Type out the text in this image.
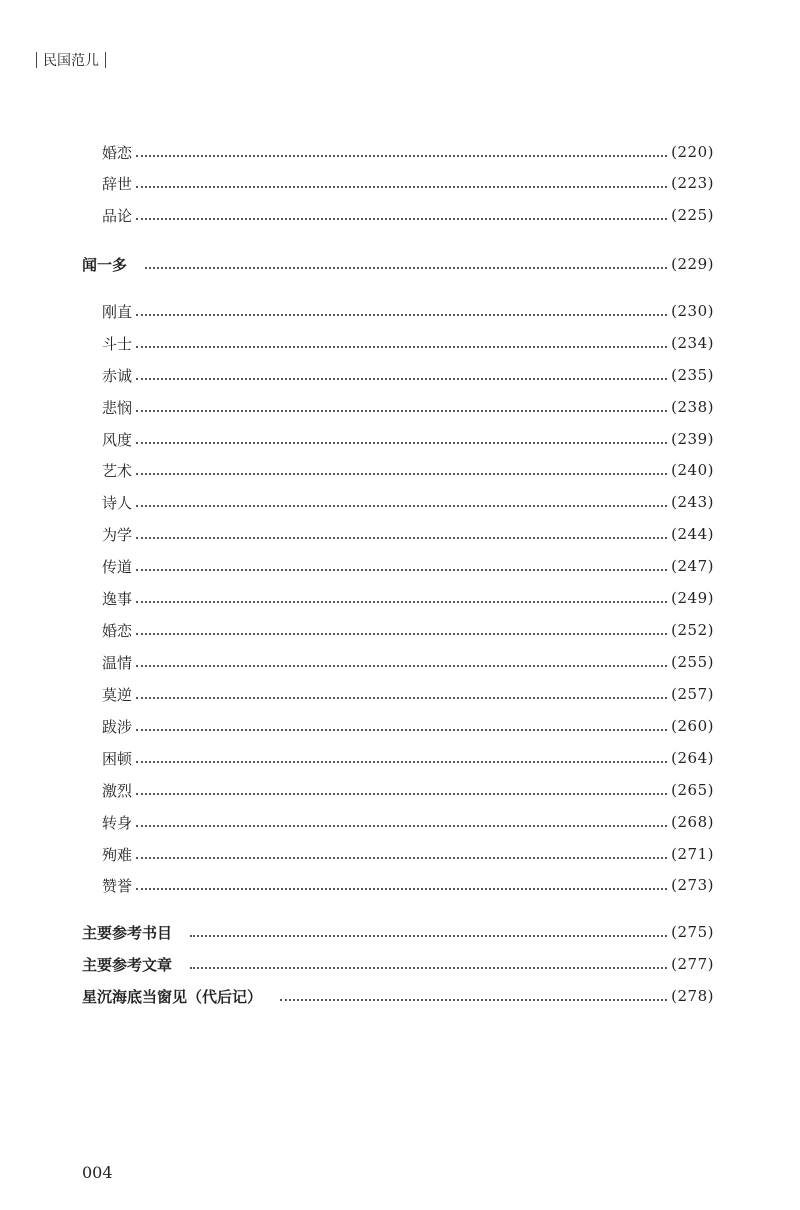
民国范儿
婚恋	(220)
辞世	(223)
品论	(225)
闻一多	(229)
刚直	(230)
斗士	(234)
赤诚	(235)
悲悯	(238)
风度	(239)
艺术	(240)
诗人	(243)
为学	(244)
传道	(247)
逸事	(249)
婚恋	(252)
温情	(255)
莫逆	(257)
跋涉	(260)
困顿	(264)
激烈	(265)
转身	(268)
殉难	(271)
赞誉	(273)
主要参考书目	(275)
主要参考文章	(277)
星沉海底当窗见（代后记）	(278)
004
